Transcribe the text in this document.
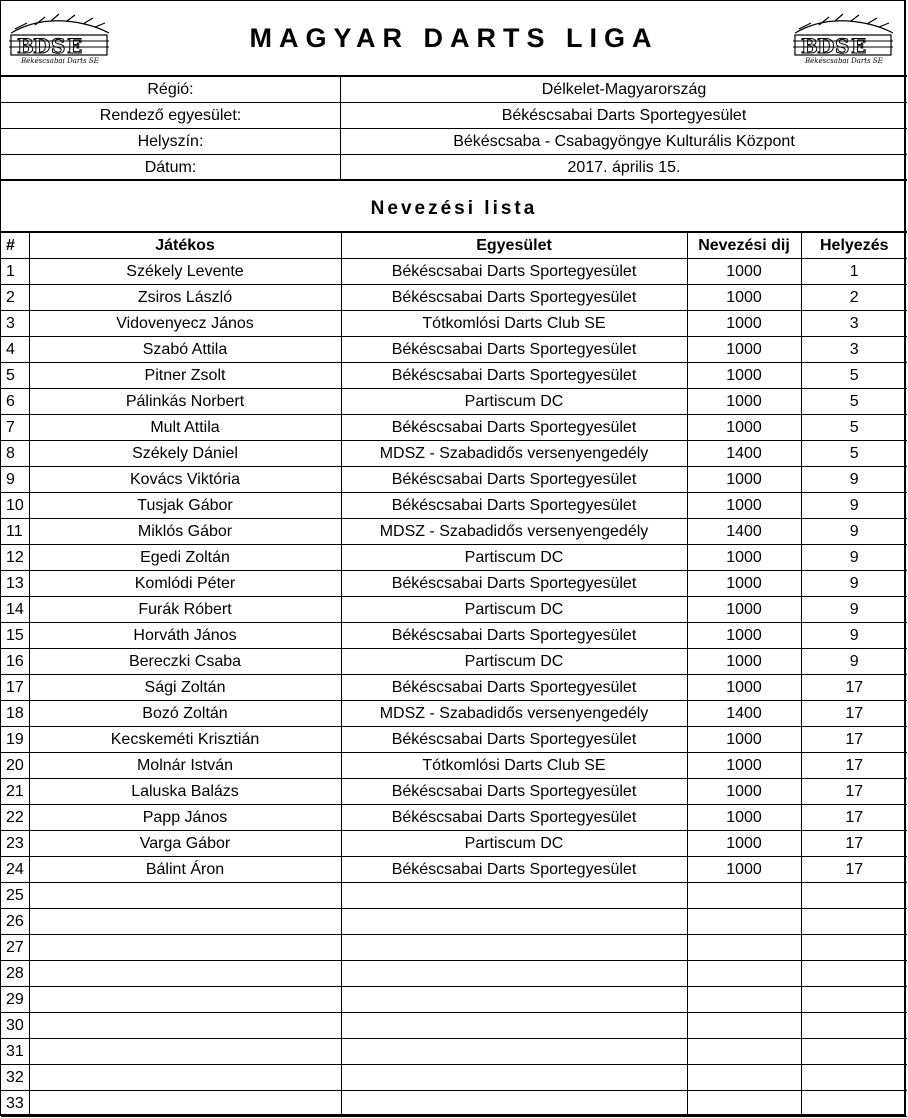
B D S E
Békéscsabai Darts SE
MAGYAR DARTS LIGA	B D S E
Békéscsabai Darts SE
Régió:	Délkelet-Magyarország
Rendező egyesület:	Békéscsabai Darts Sportegyesület
Helyszín:	Békéscsaba - Csabagyöngye Kulturális Központ
Dátum:	2017. április 15.
Nevezési lista
#	Játékos	Egyesület	Nevezési dij	Helyezés
1	Székely Levente	Békéscsabai Darts Sportegyesület	1000	1
2	Zsiros László	Békéscsabai Darts Sportegyesület	1000	2
3	Vidovenyecz János	Tótkomlósi Darts Club SE	1000	3
4	Szabó Attila	Békéscsabai Darts Sportegyesület	1000	3
5	Pitner Zsolt	Békéscsabai Darts Sportegyesület	1000	5
6	Pálinkás Norbert	Partiscum DC	1000	5
7	Mult Attila	Békéscsabai Darts Sportegyesület	1000	5
8	Székely Dániel	MDSZ - Szabadidős versenyengedély	1400	5
9	Kovács Viktória	Békéscsabai Darts Sportegyesület	1000	9
10	Tusjak Gábor	Békéscsabai Darts Sportegyesület	1000	9
11	Miklós Gábor	MDSZ - Szabadidős versenyengedély	1400	9
12	Egedi Zoltán	Partiscum DC	1000	9
13	Komlódi Péter	Békéscsabai Darts Sportegyesület	1000	9
14	Furák Róbert	Partiscum DC	1000	9
15	Horváth János	Békéscsabai Darts Sportegyesület	1000	9
16	Bereczki Csaba	Partiscum DC	1000	9
17	Sági Zoltán	Békéscsabai Darts Sportegyesület	1000	17
18	Bozó Zoltán	MDSZ - Szabadidős versenyengedély	1400	17
19	Kecskeméti Krisztián	Békéscsabai Darts Sportegyesület	1000	17
20	Molnár István	Tótkomlósi Darts Club SE	1000	17
21	Laluska Balázs	Békéscsabai Darts Sportegyesület	1000	17
22	Papp János	Békéscsabai Darts Sportegyesület	1000	17
23	Varga Gábor	Partiscum DC	1000	17
24	Bálint Áron	Békéscsabai Darts Sportegyesület	1000	17
25				
26				
27				
28				
29				
30				
31				
32				
33				
